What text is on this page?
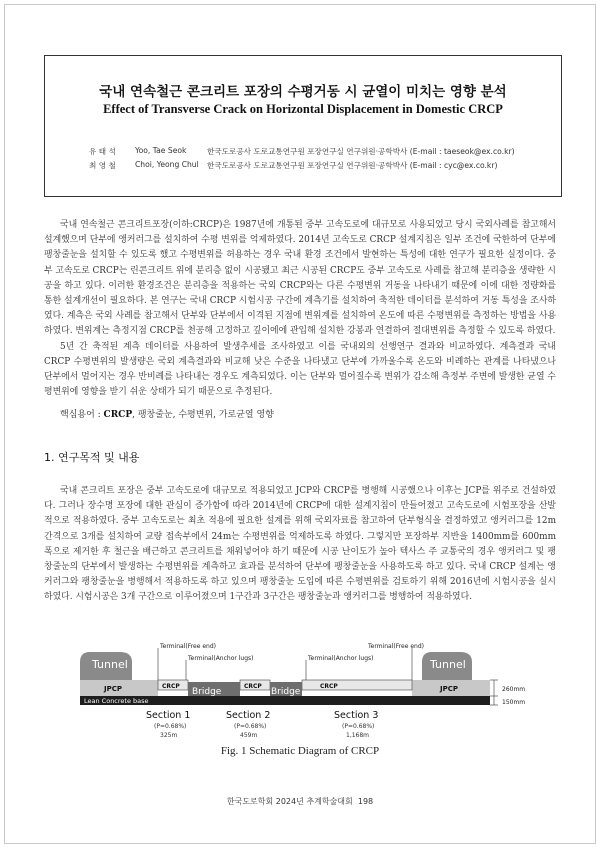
국내 연속철근 콘크리트 포장의 수평거동 시 균열이 미치는 영향 분석
Effect of Transverse Crack on Horizontal Displacement in Domestic CRCP
유 태 석	Yoo, Tae Seok	한국도로공사 도로교통연구원 포장연구실 연구위원·공학박사 (E-mail : taeseok@ex.co.kr)
최 영 철	Choi, Yeong Chul 한국도로공사 도로교통연구원 포장연구실 연구위원·공학박사 (E-mail : cyc@ex.co.kr)

국내 연속철근 콘크리트포장(이하:CRCP)은 1987년에 개통된 중부 고속도로에 대규모로 사용되었고 당시 국외사례를 참고해서 설계했으며 단부에 앵커러그를 설치하여 수평 변위를 억제하였다. 2014년 고속도로 CRCP 설계지침은 일부 조건에 국한하여 단부에 팽창줄눈을 설치할 수 있도록 했고 수평변위를 허용하는 경우 국내 환경 조건에서 발현하는 특성에 대한 연구가 필요한 실정이다. 중부 고속도로 CRCP는 린콘크리트 위에 분리층 없이 시공됐고 최근 시공된 CRCP도 중부 고속도로 사례를 참고해 분리층을 생략한 시공을 하고 있다. 이러한 환경조건은 분리층을 적용하는 국외 CRCP와는 다른 수평변위 거동을 나타내기 때문에 이에 대한 정량화를 통한 설계개선이 필요하다. 본 연구는 국내 CRCP 시험시공 구간에 계측기를 설치하여 축적한 데이터를 분석하여 거동 특성을 조사하였다. 계측은 국외 사례를 참고해서 단부와 단부에서 이격된 지점에 변위계를 설치하여 온도에 따른 수평변위를 측정하는 방법을 사용하였다. 변위계는 측정지점 CRCP를 천공해 고정하고 깊이에에 관입해 설치한 강봉과 연결하여 절대변위를 측정할 수 있도록 하였다.

5년 간 축적된 계측 데이터를 사용하여 발생추세를 조사하였고 이를 국내외의 선행연구 결과와 비교하였다. 계측결과 국내 CRCP 수평변위의 발생량은 국외 계측결과와 비교해 낮은 수준을 나타냈고 단부에 가까울수록 온도와 비례하는 관계를 나타냈으나 단부에서 멀어지는 경우 반비례를 나타내는 경우도 계측되었다. 이는 단부와 멀어질수록 변위가 감소해 측정부 주변에 발생한 균열 수평변위에 영향을 받기 쉬운 상태가 되기 때문으로 추정된다.

핵심용어 : CRCP, 팽창줄눈, 수평변위, 가로균열 영향
1. 연구목적 및 내용

국내 콘크리트 포장은 중부 고속도로에 대규모로 적용되었고 JCP와 CRCP를 병행해 시공했으나 이후는 JCP를 위주로 건설하였다. 그러나 장수명 포장에 대한 관심이 증가함에 따라 2014년에 CRCP에 대한 설계지침이 만들어졌고 고속도로에 시험포장을 산발적으로 적용하였다. 중부 고속도로는 최초 적용에 필요한 설계를 위해 국외자료를 참고하여 단부형식을 결정하였고 앵커러그를 12m 간격으로 3개를 설치하여 교량 접속부에서 24m는 수평변위를 억제하도록 하였다. 그렇지만 포장하부 지반을 1400mm를 600mm폭으로 제거한 후 철근을 배근하고 콘크리트를 채워넣어야 하기 때문에 시공 난이도가 높아 텍사스 주 교통국의 경우 앵커러그 및 팽창줄눈의 단부에서 발생하는 수평변위를 계측하고 효과를 분석하여 단부에 팽창줄눈을 사용하도록 하고 있다. 국내 CRCP 설계는 앵커러그와 팽창줄눈을 병행해서 적용하도록 하고 있으며 팽창줄눈 도입에 따른 수평변위를 검토하기 위해 2016년에 시험시공을 실시하였다. 시험시공은 3개 구간으로 이루어졌으며 1구간과 3구간은 팽창줄눈과 앵커러그를 병행하여 적용하였다.

Lean Concrete base
Tunnel	Tunnel
JPCP	JPCP
CRCP	CRCP	CRCP
Bridge	Bridge
Terminal(Free end)
Terminal(Anchor lugs)	Terminal(Anchor lugs)
Terminal(Free end)
260mm
150mm
Section 1
(P=0.68%)
325m
Section 2
(P=0.68%)
459m
Section 3
(P=0.68%)
1,168m
Fig. 1 Schematic Diagram of CRCP
한국도로학회 2024년 추계학술대회 198
